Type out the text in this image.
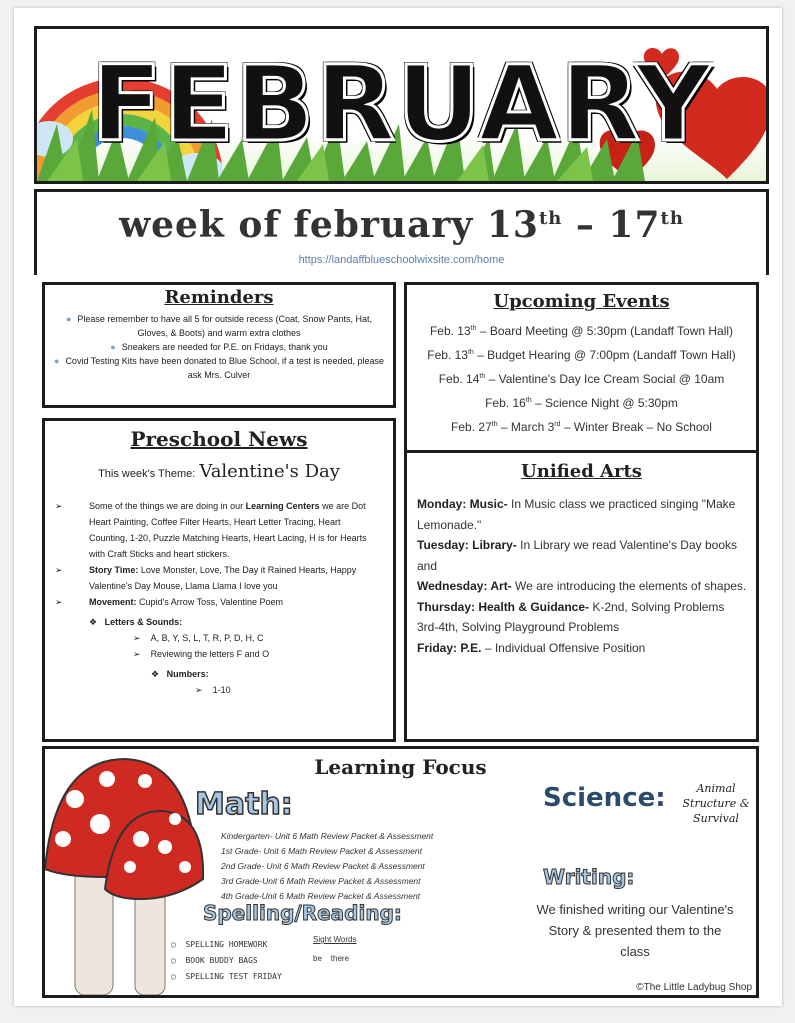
FEBRUARY
week of february 13th – 17th
https://landaffblueschoolwixsite.com/home
Reminders
● Please remember to have all 5 for outside recess (Coat, Snow Pants, Hat, Gloves, & Boots) and warm extra clothes
● Sneakers are needed for P.E. on Fridays, thank you
● Covid Testing Kits have been donated to Blue School, if a test is needed, please ask Mrs. Culver
Upcoming Events
Feb. 13th – Board Meeting @ 5:30pm (Landaff Town Hall)
Feb. 13th – Budget Hearing @ 7:00pm (Landaff Town Hall)
Feb. 14th – Valentine's Day Ice Cream Social @ 10am
Feb. 16th – Science Night @ 5:30pm
Feb. 27th – March 3rd – Winter Break – No School
Preschool News
This week's Theme: Valentine's Day
➢	Some of the things we are doing in our Learning Centers we are Dot Heart Painting, Coffee Filter Hearts, Heart Letter Tracing, Heart Counting, 1-20, Puzzle Matching Hearts, Heart Lacing, H is for Hearts with Craft Sticks and heart stickers.
➢	Story Time: Love Monster, Love, The Day it Rained Hearts, Happy Valentine's Day Mouse, Llama Llama I love you
➢	Movement: Cupid's Arrow Toss, Valentine Poem
❖ Letters & Sounds:
➢ A, B, Y, S, L, T, R, P, D, H, C
➢ Reviewing the letters F and O
❖ Numbers:
➢ 1-10
Unified Arts
Monday: Music- In Music class we practiced singing "Make Lemonade."
Tuesday: Library- In Library we read Valentine's Day books and
Wednesday: Art- We are introducing the elements of shapes.
Thursday: Health & Guidance- K-2nd, Solving Problems
3rd-4th, Solving Playground Problems
Friday: P.E. – Individual Offensive Position
Learning Focus
Math:
Kindergarten- Unit 6 Math Review Packet & Assessment
1st Grade- Unit 6 Math Review Packet & Assessment
2nd Grade- Unit 6 Math Review Packet & Assessment
3rd Grade-Unit 6 Math Review Packet & Assessment
4th Grade-Unit 6 Math Review Packet & Assessment
Spelling/Reading:
○ SPELLING HOMEWORK
○ BOOK BUDDY BAGS
○ SPELLING TEST FRIDAY
Sight Words
be    there
Science:	Animal Structure & Survival
Writing:
We finished writing our Valentine's Story & presented them to the class
©The Little Ladybug Shop
